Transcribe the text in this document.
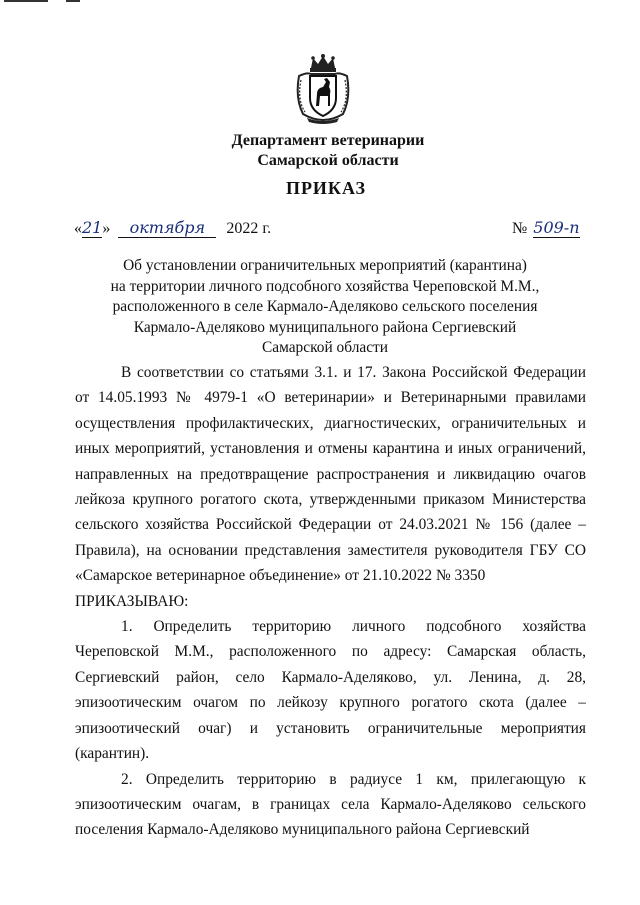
Департамент ветеринарии
Самарской области
ПРИКАЗ
«21» октября 2022 г.	№ 509-п
Об установлении ограничительных мероприятий (карантина)
на территории личного подсобного хозяйства Череповской М.М.,
расположенного в селе Кармало-Аделяково сельского поселения
Кармало-Аделяково муниципального района Сергиевский
Самарской области

В соответствии со статьями 3.1. и 17. Закона Российской Федерации от 14.05.1993 № 4979-1 «О ветеринарии» и Ветеринарными правилами осуществления профилактических, диагностических, ограничительных и иных мероприятий, установления и отмены карантина и иных ограничений, направленных на предотвращение распространения и ликвидацию очагов лейкоза крупного рогатого скота, утвержденными приказом Министерства сельского хозяйства Российской Федерации от 24.03.2021 № 156 (далее – Правила), на основании представления заместителя руководителя ГБУ СО «Самарское ветеринарное объединение» от 21.10.2022 № 3350

ПРИКАЗЫВАЮ:

1. Определить территорию личного подсобного хозяйства Череповской М.М., расположенного по адресу: Самарская область, Сергиевский район, село Кармало-Аделяково, ул. Ленина, д. 28, эпизоотическим очагом по лейкозу крупного рогатого скота (далее – эпизоотический очаг) и установить ограничительные мероприятия (карантин).

2. Определить территорию в радиусе 1 км, прилегающую к эпизоотическим очагам, в границах села Кармало-Аделяково сельского поселения Кармало-Аделяково муниципального района Сергиевский
